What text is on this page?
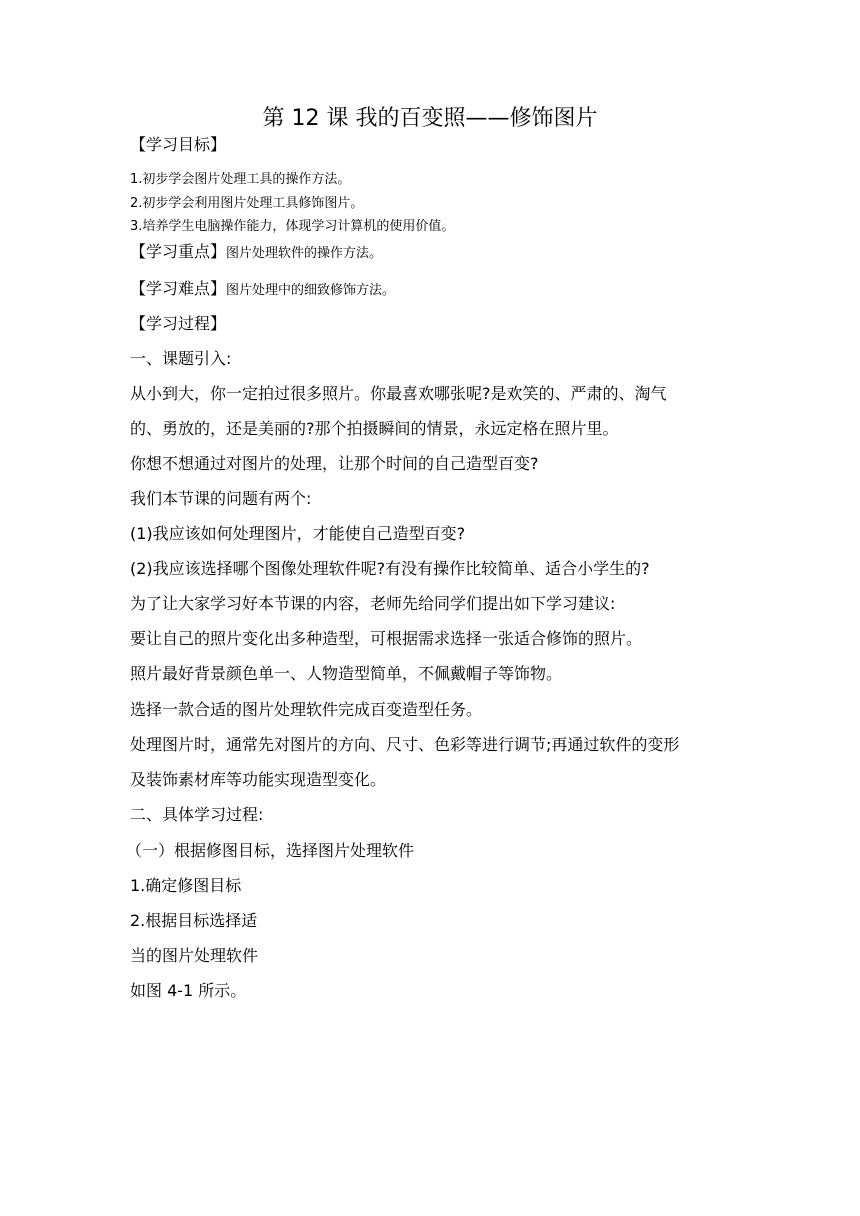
第 12 课 我的百变照——修饰图片
【学习目标】
1.初步学会图片处理工具的操作方法。
2.初步学会利用图片处理工具修饰图片。
3.培养学生电脑操作能力，体现学习计算机的使用价值。
【学习重点】图片处理软件的操作方法。
【学习难点】图片处理中的细致修饰方法。
【学习过程】
一、课题引入:
从小到大，你一定拍过很多照片。你最喜欢哪张呢?是欢笑的、严肃的、淘气
的、勇放的，还是美丽的?那个拍摄瞬间的情景，永远定格在照片里。
你想不想通过对图片的处理，让那个时间的自己造型百变?
我们本节课的问题有两个:
(1)我应该如何处理图片，才能使自己造型百变?
(2)我应该选择哪个图像处理软件呢?有没有操作比较简单、适合小学生的?
为了让大家学习好本节课的内容，老师先给同学们提出如下学习建议:
要让自己的照片变化出多种造型，可根据需求选择一张适合修饰的照片。
照片最好背景颜色单一、人物造型简单，不佩戴帽子等饰物。
选择一款合适的图片处理软件完成百变造型任务。
处理图片时，通常先对图片的方向、尺寸、色彩等进行调节;再通过软件的变形
及装饰素材库等功能实现造型变化。
二、具体学习过程:
（一）根据修图目标，选择图片处理软件
1.确定修图目标
2.根据目标选择适
当的图片处理软件
如图 4-1 所示。
